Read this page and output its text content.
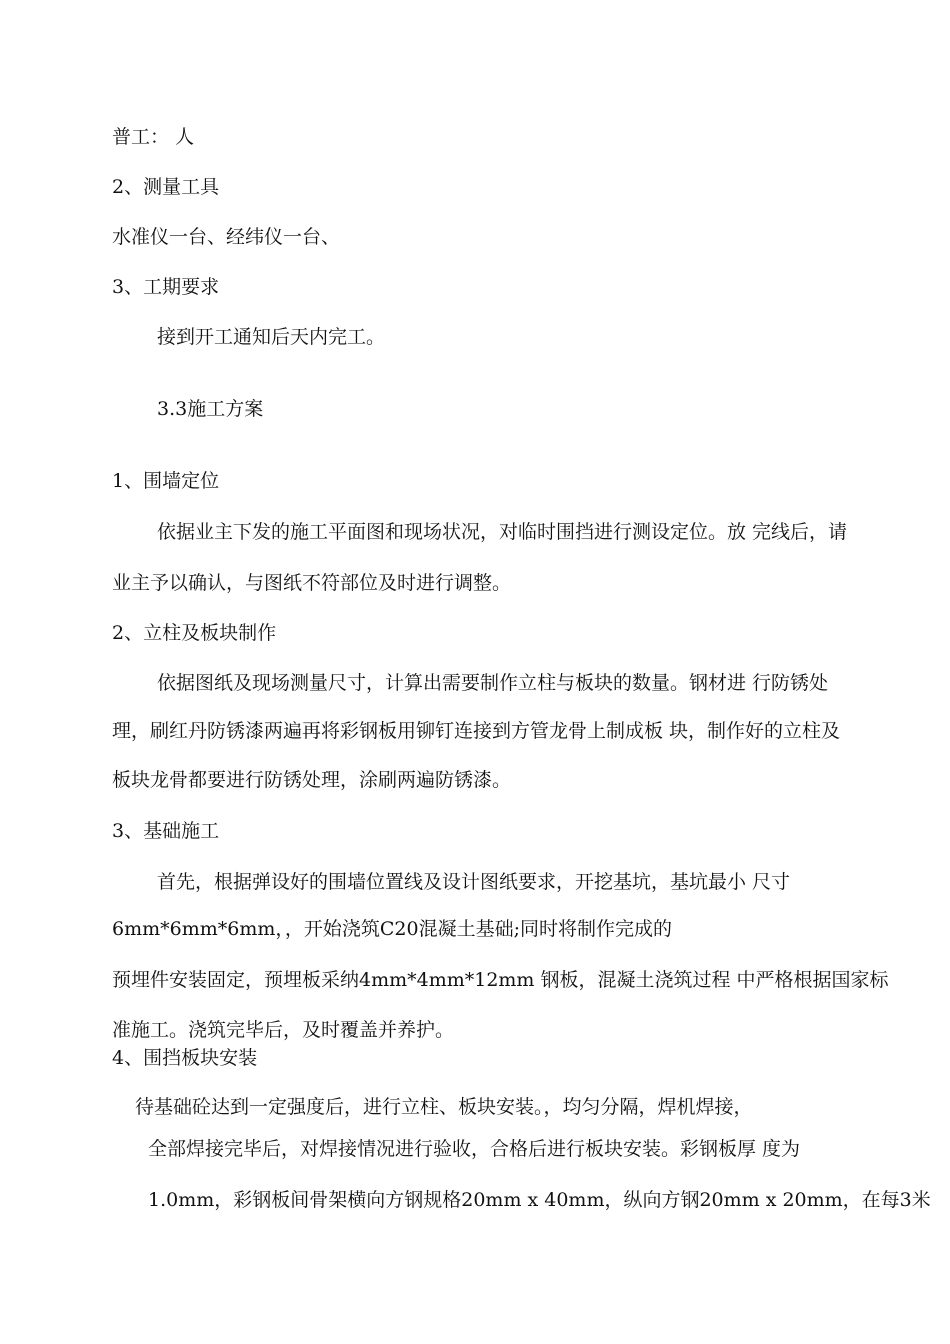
普工： 人

2、测量工具

水准仪一台、经纬仪一台、

3、工期要求

接到开工通知后天内完工。

3.3施工方案

1、围墙定位

依据业主下发的施工平面图和现场状况，对临时围挡进行测设定位。放 完线后，请

业主予以确认，与图纸不符部位及时进行调整。

2、立柱及板块制作

依据图纸及现场测量尺寸，计算出需要制作立柱与板块的数量。钢材进 行防锈处

理，刷红丹防锈漆两遍再将彩钢板用铆钉连接到方管龙骨上制成板 块，制作好的立柱及

板块龙骨都要进行防锈处理，涂刷两遍防锈漆。

3、基础施工

首先，根据弹设好的围墙位置线及设计图纸要求，开挖基坑，基坑最小 尺寸

6mm*6mm*6mm，，开始浇筑C20混凝土基础;同时将制作完成的

预埋件安装固定，预埋板采纳4mm*4mm*12mm 钢板，混凝土浇筑过程 中严格根据国家标

准施工。浇筑完毕后，及时覆盖并养护。

4、围挡板块安装

待基础砼达到一定强度后，进行立柱、板块安装。，均匀分隔，焊机焊接，

全部焊接完毕后，对焊接情况进行验收，合格后进行板块安装。彩钢板厚 度为

1.0mm，彩钢板间骨架横向方钢规格20mm x 40mm，纵向方钢20mm x 20mm，在每3米
